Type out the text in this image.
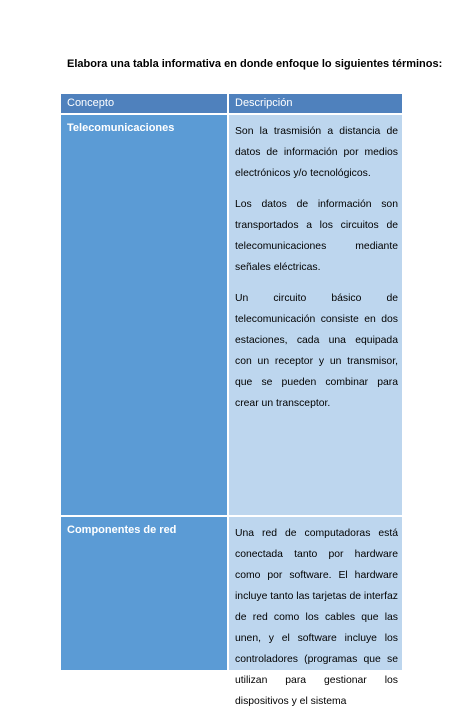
Elabora una tabla informativa en donde enfoque lo siguientes términos:
Concepto	Descripción
Telecomunicaciones	Son la trasmisión a distancia de datos de información por medios electrónicos y/o tecnológicos.

Los datos de información son transportados a los circuitos de telecomunicaciones mediante señales eléctricas.

Un circuito básico de telecomunicación consiste en dos estaciones, cada una equipada con un receptor y un transmisor, que se pueden combinar para crear un transceptor.

Componentes de red	Una red de computadoras está conectada tanto por hardware como por software. El hardware incluye tanto las tarjetas de interfaz de red como los cables que las unen, y el software incluye los controladores (programas que se utilizan para gestionar los dispositivos y el sistema
